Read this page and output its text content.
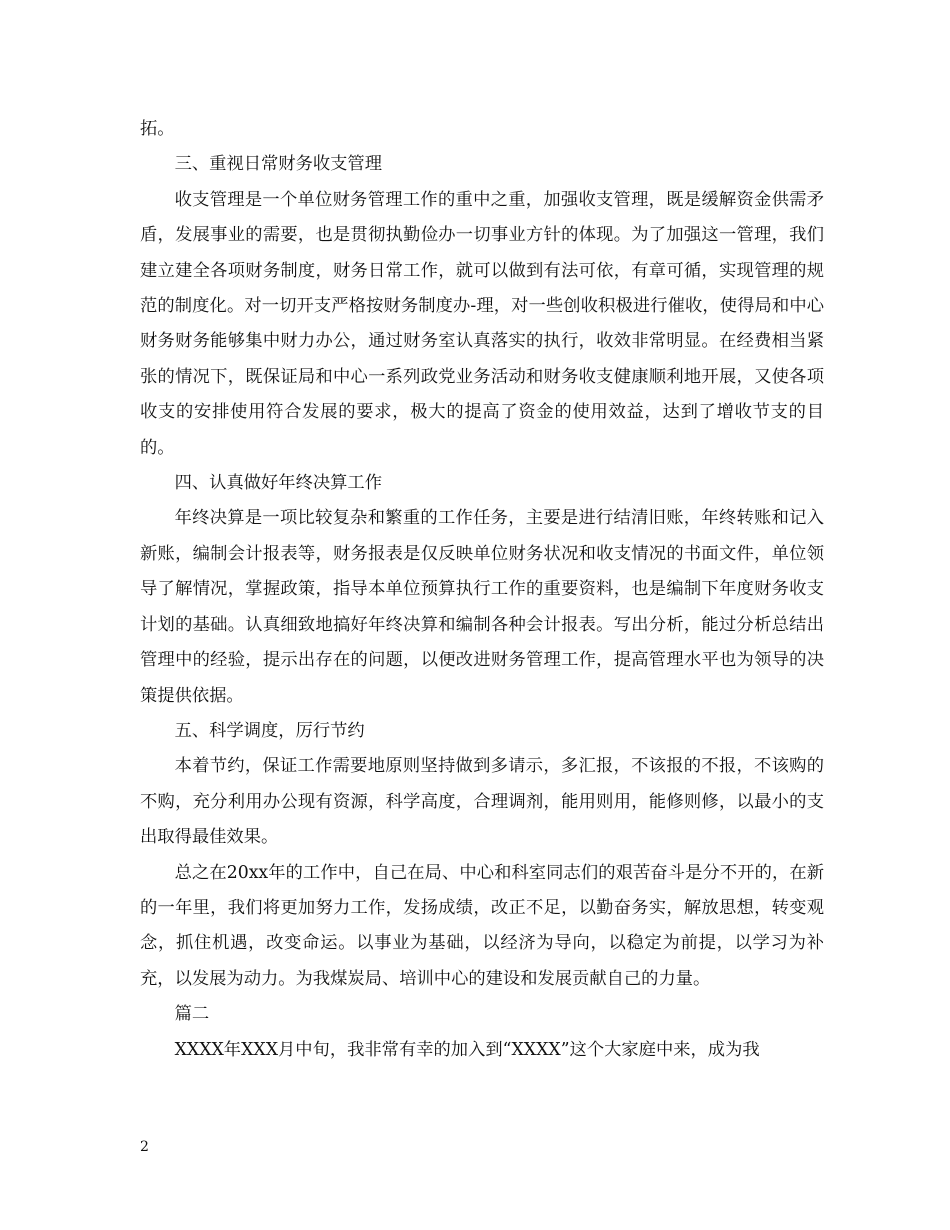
拓。

三、重视日常财务收支管理

收支管理是一个单位财务管理工作的重中之重，加强收支管理，既是缓解资金供需矛盾，发展事业的需要，也是贯彻执勤俭办一切事业方针的体现。为了加强这一管理，我们建立建全各项财务制度，财务日常工作，就可以做到有法可依，有章可循，实现管理的规范的制度化。对一切开支严格按财务制度办-理，对一些创收积极进行催收，使得局和中心财务财务能够集中财力办公，通过财务室认真落实的执行，收效非常明显。在经费相当紧张的情况下，既保证局和中心一系列政党业务活动和财务收支健康顺利地开展，又使各项收支的安排使用符合发展的要求，极大的提高了资金的使用效益，达到了增收节支的目的。

四、认真做好年终决算工作

年终决算是一项比较复杂和繁重的工作任务，主要是进行结清旧账，年终转账和记入新账，编制会计报表等，财务报表是仅反映单位财务状况和收支情况的书面文件，单位领导了解情况，掌握政策，指导本单位预算执行工作的重要资料，也是编制下年度财务收支计划的基础。认真细致地搞好年终决算和编制各种会计报表。写出分析，能过分析总结出管理中的经验，提示出存在的问题，以便改进财务管理工作，提高管理水平也为领导的决策提供依据。

五、科学调度，厉行节约

本着节约，保证工作需要地原则坚持做到多请示，多汇报，不该报的不报，不该购的不购，充分利用办公现有资源，科学高度，合理调剂，能用则用，能修则修，以最小的支出取得最佳效果。

总之在20xx年的工作中，自己在局、中心和科室同志们的艰苦奋斗是分不开的，在新的一年里，我们将更加努力工作，发扬成绩，改正不足，以勤奋务实，解放思想，转变观念，抓住机遇，改变命运。以事业为基础，以经济为导向，以稳定为前提，以学习为补充，以发展为动力。为我煤炭局、培训中心的建设和发展贡献自己的力量。

篇二

XXXX年XXX月中旬，我非常有幸的加入到“XXXX”这个大家庭中来，成为我

2
